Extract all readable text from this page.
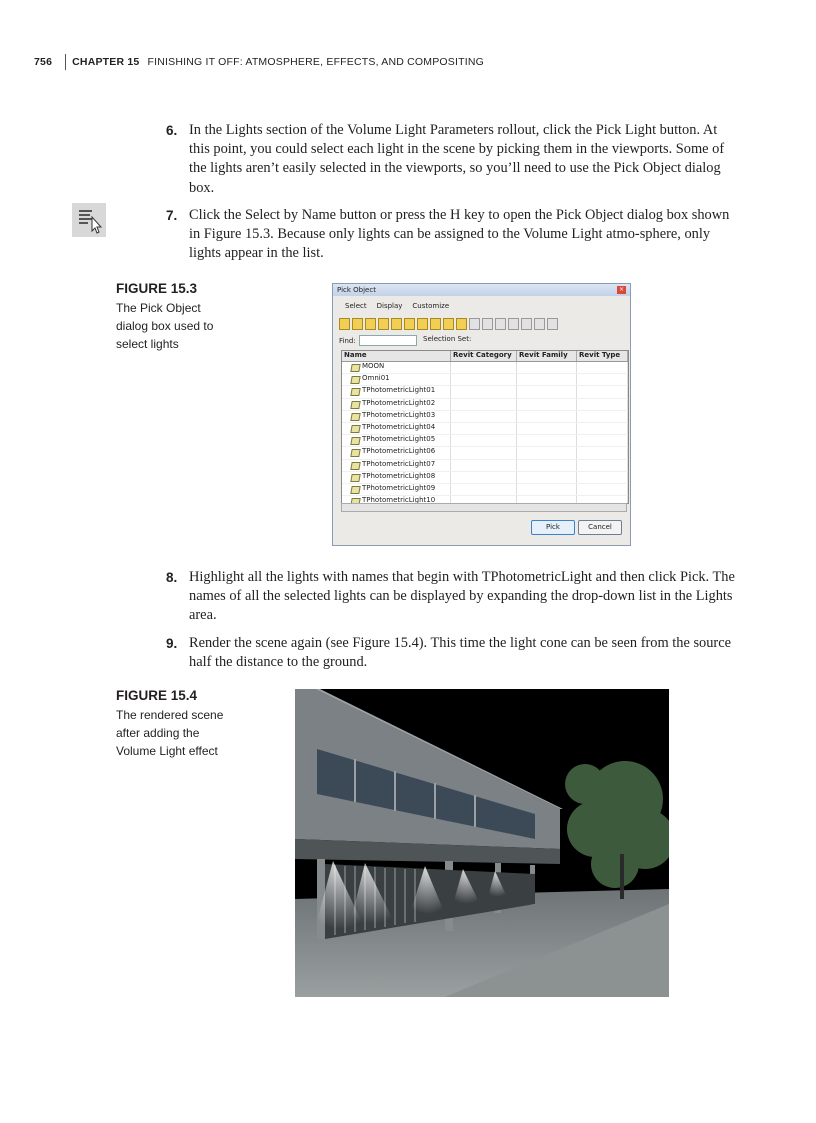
756 CHAPTER 15 FINISHING IT OFF: ATMOSPHERE, EFFECTS, AND COMPOSITING
6. In the Lights section of the Volume Light Parameters rollout, click the Pick Light button. At this point, you could select each light in the scene by picking them in the viewports. Some of the lights aren’t easily selected in the viewports, so you’ll need to use the Pick Object dialog box.
7. Click the Select by Name button or press the H key to open the Pick Object dialog box shown in Figure 15.3. Because only lights can be assigned to the Volume Light atmo-sphere, only lights appear in the list.
FIGURE 15.3
The Pick Object dialog box used to select lights
Pick Object	×
Select Display Customize
Find:	Selection Set:
Name	Revit Category	Revit Family	Revit Type
MOON
Omni01
TPhotometricLight01
TPhotometricLight02
TPhotometricLight03
TPhotometricLight04
TPhotometricLight05
TPhotometricLight06
TPhotometricLight07
TPhotometricLight08
TPhotometricLight09
TPhotometricLight10
Pick	Cancel
8. Highlight all the lights with names that begin with TPhotometricLight and then click Pick. The names of all the selected lights can be displayed by expanding the drop-down list in the Lights area.
9. Render the scene again (see Figure 15.4). This time the light cone can be seen from the source half the distance to the ground.
FIGURE 15.4
The rendered scene after adding the Volume Light effect
